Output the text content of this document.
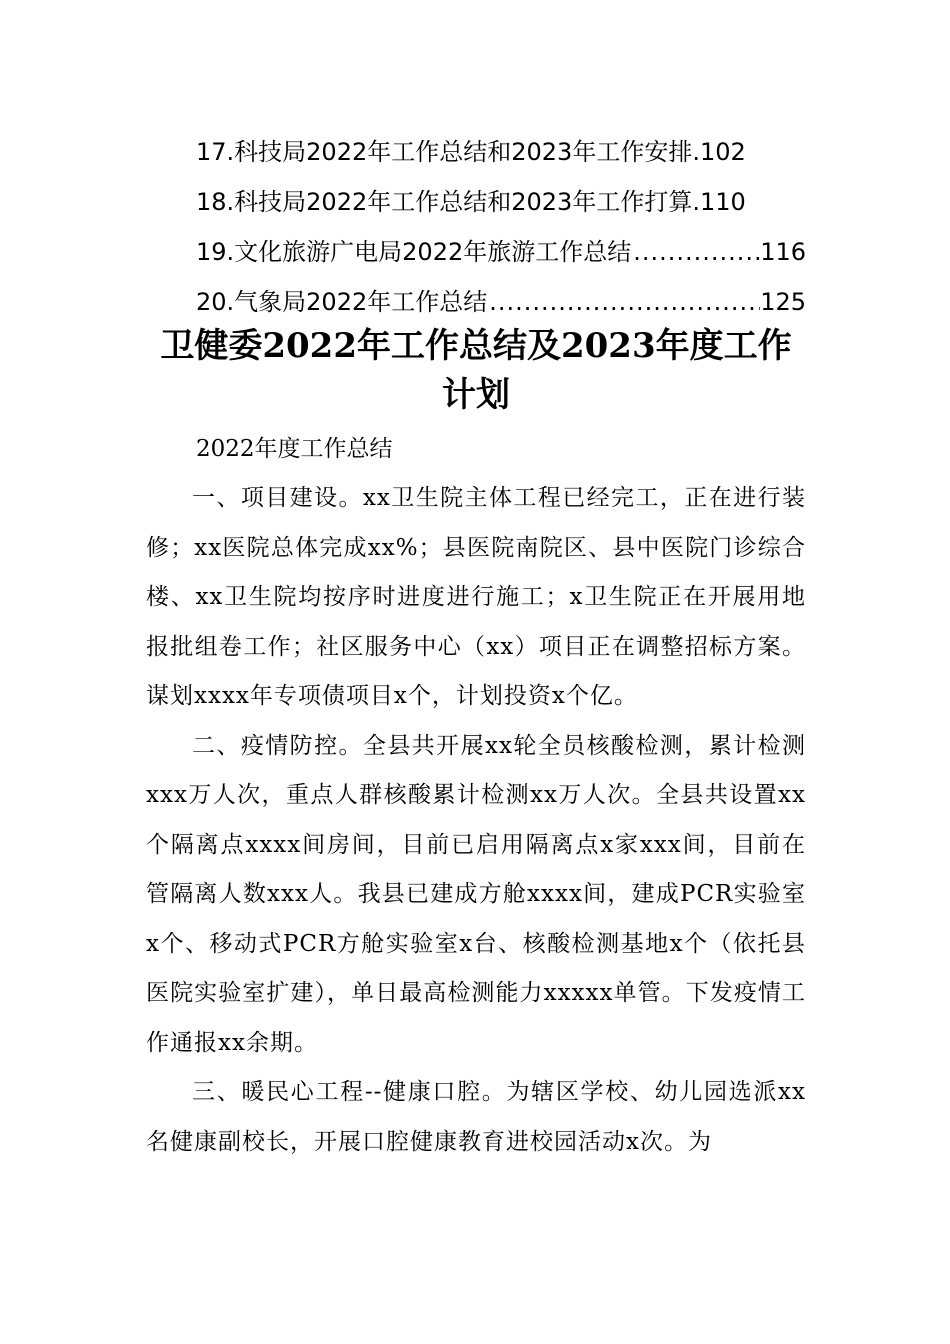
17.科技局2022年工作总结和2023年工作安排 . 102
18.科技局2022年工作总结和2023年工作打算 . 110
19.文化旅游广电局2022年旅游工作总结 .....	116
20.气象局2022年工作总结 .....	125
卫健委2022年工作总结及2023年度工作计划
2022年度工作总结

一、项目建设。xx卫生院主体工程已经完工，正在进行装修；xx医院总体完成xx%；县医院南院区、县中医院门诊综合楼、xx卫生院均按序时进度进行施工；x卫生院正在开展用地报批组卷工作；社区服务中心（xx）项目正在调整招标方案。谋划xxxx年专项债项目x个，计划投资x个亿。

二、疫情防控。全县共开展xx轮全员核酸检测，累计检测xxx万人次，重点人群核酸累计检测xx万人次。全县共设置xx个隔离点xxxx间房间，目前已启用隔离点x家xxx间，目前在管隔离人数xxx人。我县已建成方舱xxxx间，建成PCR实验室x个、移动式PCR方舱实验室x台、核酸检测基地x个（依托县医院实验室扩建），单日最高检测能力xxxxx单管。下发疫情工作通报xx余期。

三、暖民心工程--健康口腔。为辖区学校、幼儿园选派xx名健康副校长，开展口腔健康教育进校园活动x次。为
